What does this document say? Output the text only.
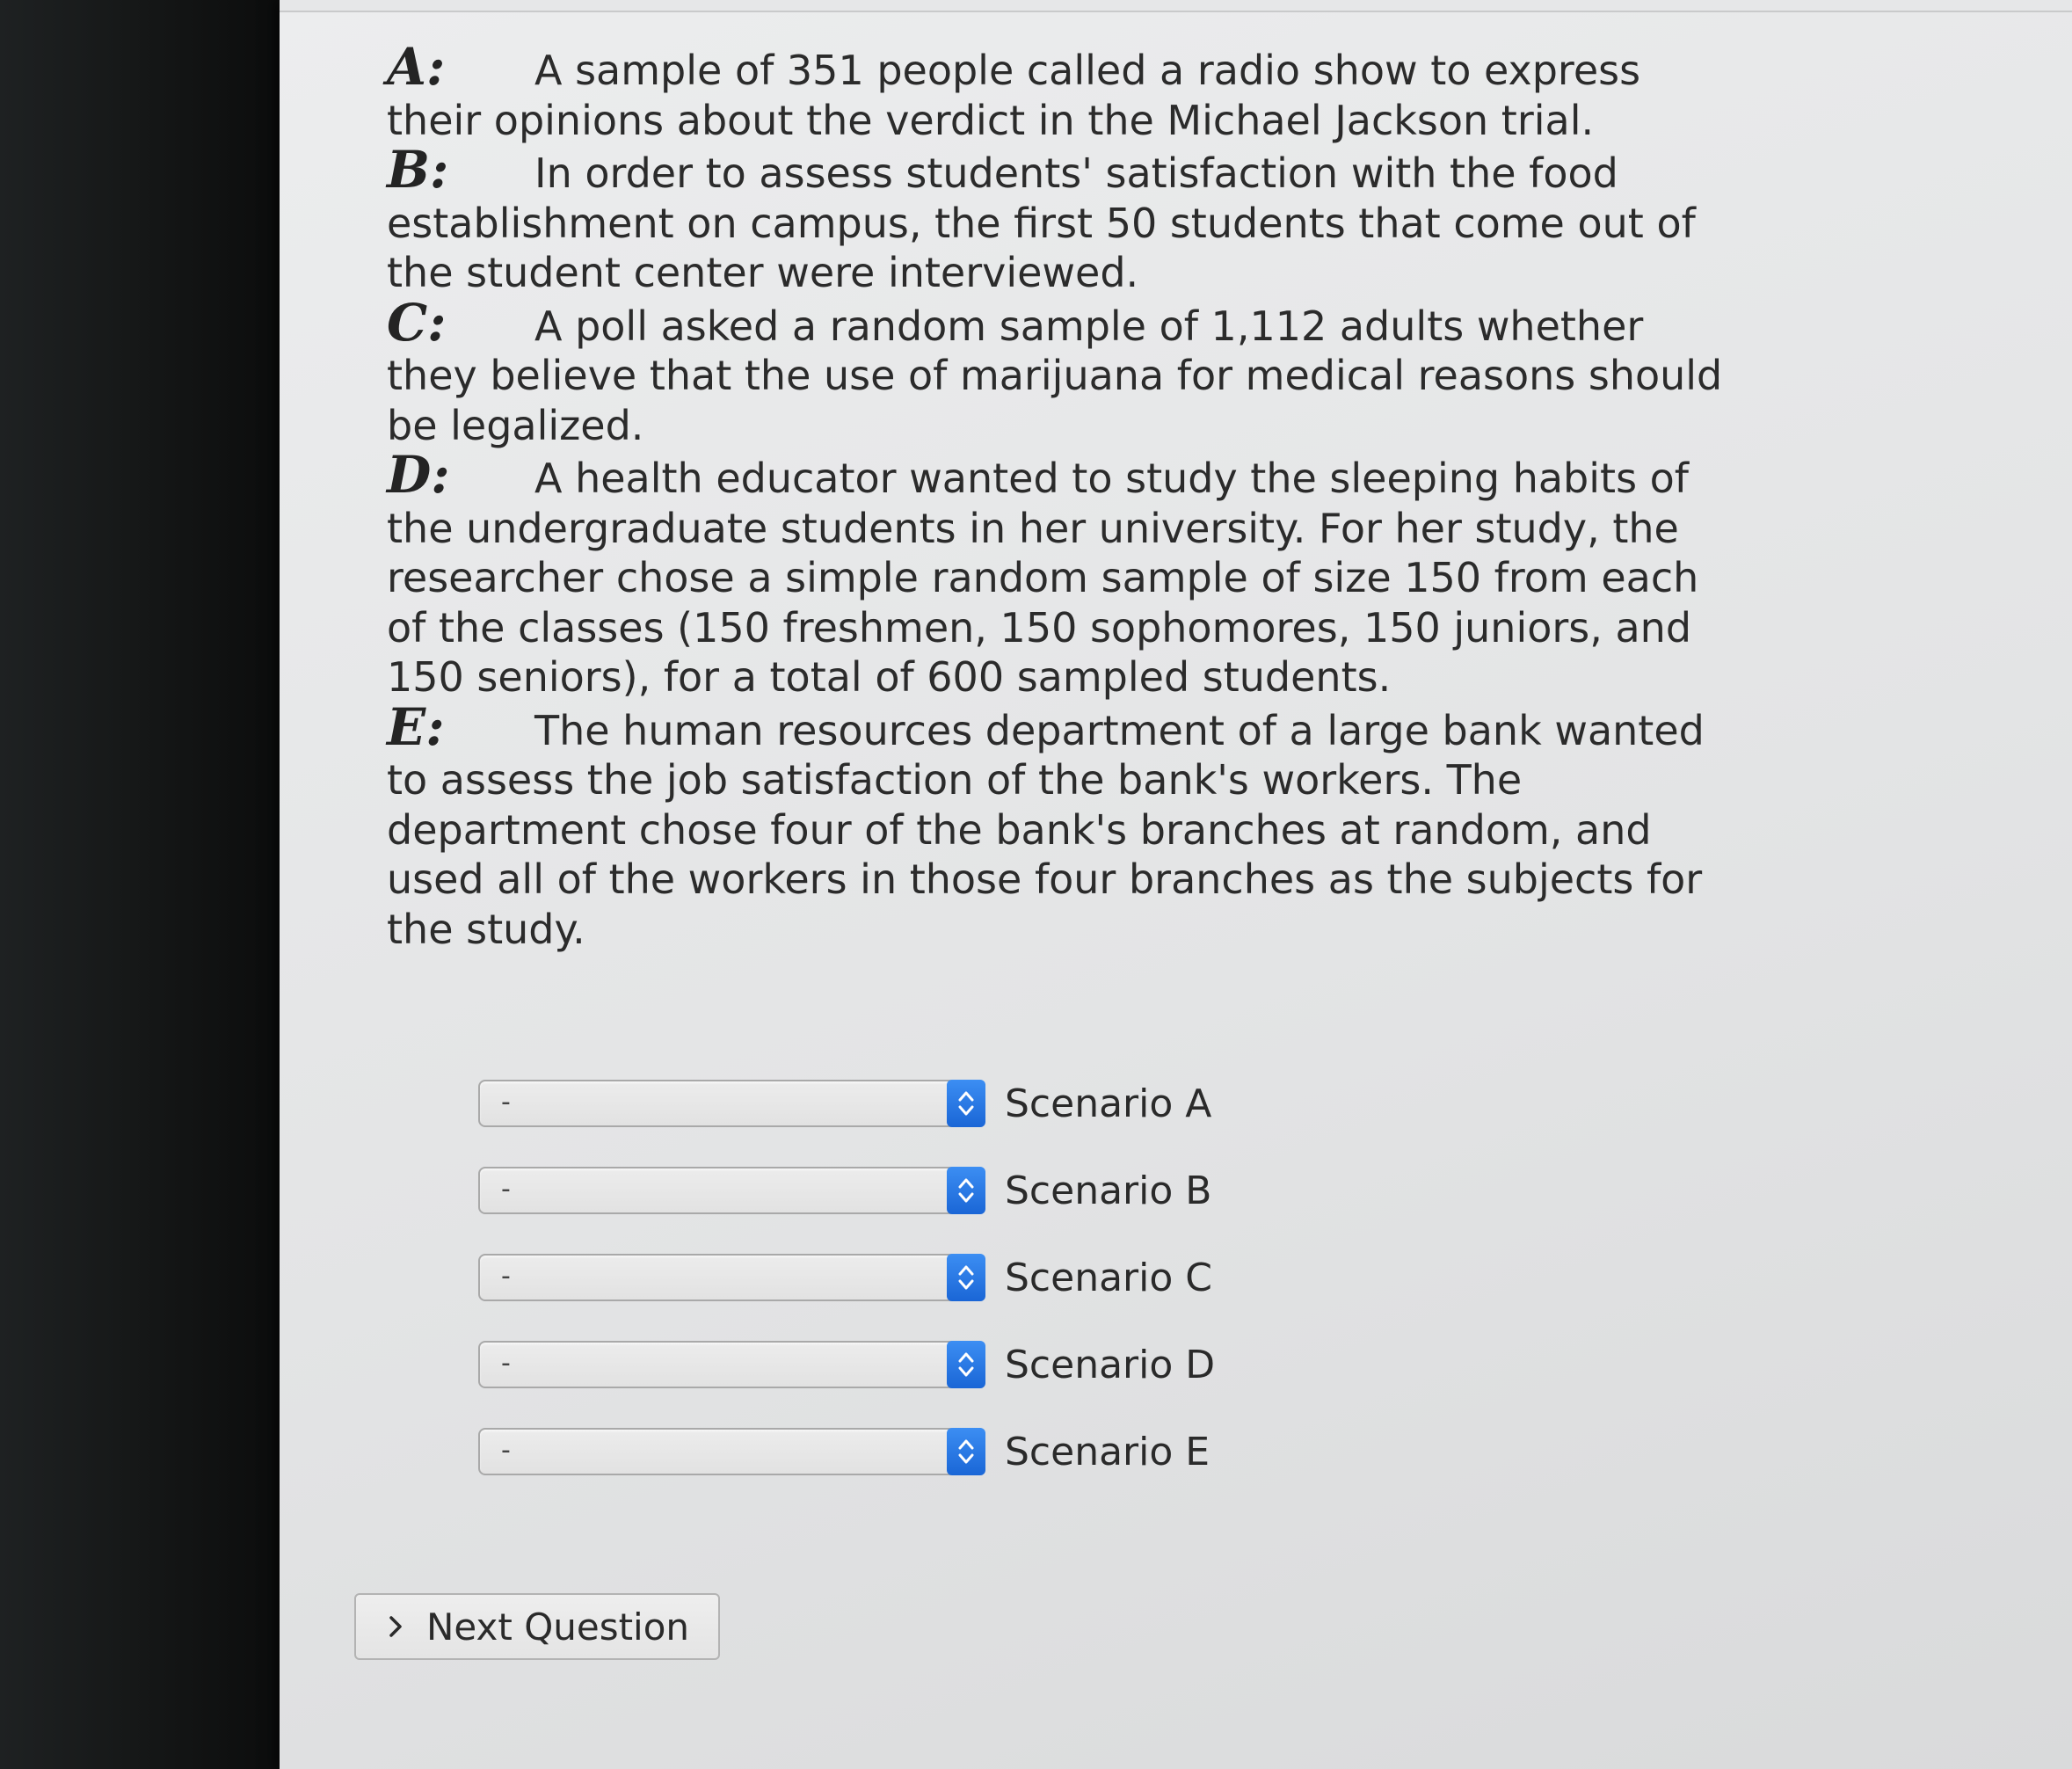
A: A sample of 351 people called a radio show to express their opinions about the verdict in the Michael Jackson trial.

B: In order to assess students' satisfaction with the food establishment on campus, the first 50 students that come out of the student center were interviewed.

C: A poll asked a random sample of 1,112 adults whether they believe that the use of marijuana for medical reasons should be legalized.

D: A health educator wanted to study the sleeping habits of the undergraduate students in her university. For her study, the researcher chose a simple random sample of size 150 from each of the classes (150 freshmen, 150 sophomores, 150 juniors, and 150 seniors), for a total of 600 sampled students.

E: The human resources department of a large bank wanted to assess the job satisfaction of the bank's workers. The department chose four of the bank's branches at random, and used all of the workers in those four branches as the subjects for the study.

-	Scenario A
-	Scenario B
-	Scenario C
-	Scenario D
-	Scenario E
Next Question
